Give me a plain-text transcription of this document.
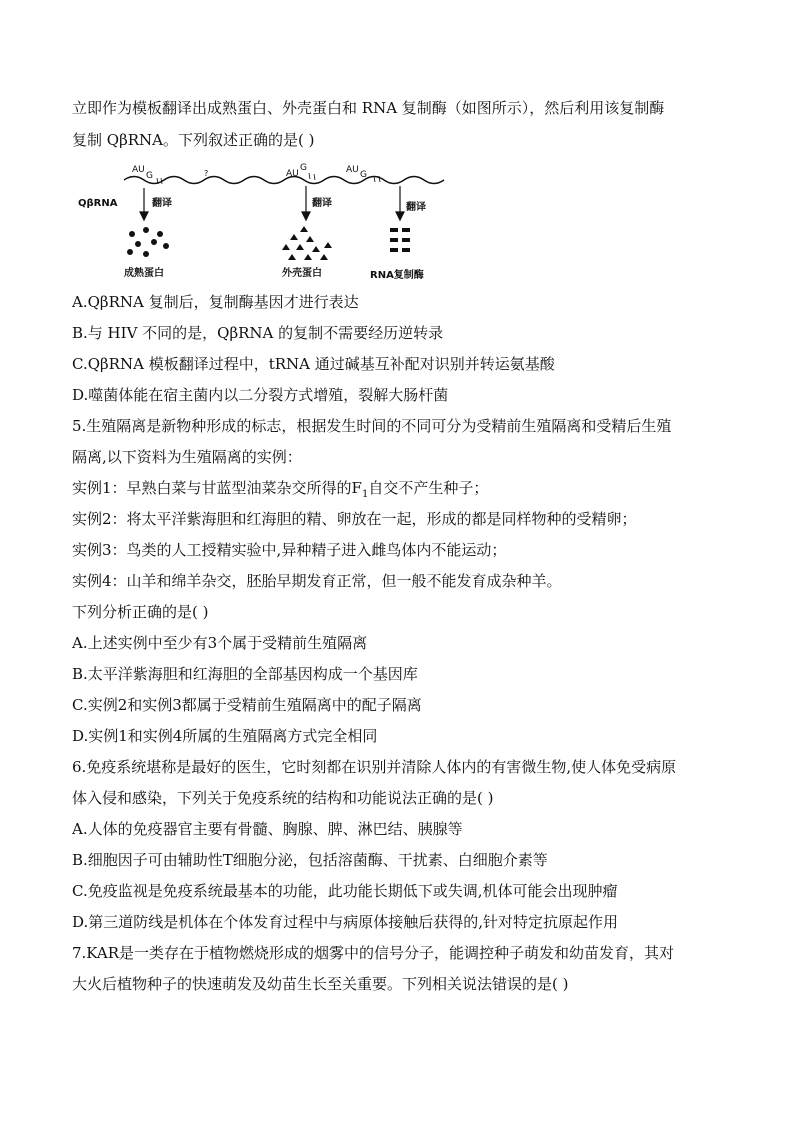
立即作为模板翻译出成熟蛋白、外壳蛋白和 RNA 复制酶（如图所示），然后利用该复制酶
复制 QβRNA。下列叙述正确的是( )
QβRNA
AU
G	?	AU
G	AU G
翻译	翻译	翻译
成熟蛋白	外壳蛋白	RNA复制酶
A.QβRNA 复制后，复制酶基因才进行表达
B.与 HIV 不同的是，QβRNA 的复制不需要经历逆转录
C.QβRNA 模板翻译过程中，tRNA 通过碱基互补配对识别并转运氨基酸
D.噬菌体能在宿主菌内以二分裂方式增殖，裂解大肠杆菌
5.生殖隔离是新物种形成的标志，根据发生时间的不同可分为受精前生殖隔离和受精后生殖
隔离,以下资料为生殖隔离的实例：
实例1：早熟白菜与甘蓝型油菜杂交所得的$F_1$自交不产生种子；
实例2：将太平洋紫海胆和红海胆的精、卵放在一起，形成的都是同样物种的受精卵；
实例3：鸟类的人工授精实验中,异种精子进入雌鸟体内不能运动；
实例4：山羊和绵羊杂交，胚胎早期发育正常，但一般不能发育成杂种羊。
下列分析正确的是( )
A.上述实例中至少有3个属于受精前生殖隔离
B.太平洋紫海胆和红海胆的全部基因构成一个基因库
C.实例2和实例3都属于受精前生殖隔离中的配子隔离
D.实例1和实例4所属的生殖隔离方式完全相同
6.免疫系统堪称是最好的医生，它时刻都在识别并清除人体内的有害微生物,使人体免受病原
体入侵和感染，下列关于免疫系统的结构和功能说法正确的是( )
A.人体的免疫器官主要有骨髓、胸腺、脾、淋巴结、胰腺等
B.细胞因子可由辅助性T细胞分泌，包括溶菌酶、干扰素、白细胞介素等
C.免疫监视是免疫系统最基本的功能，此功能长期低下或失调,机体可能会出现肿瘤
D.第三道防线是机体在个体发育过程中与病原体接触后获得的,针对特定抗原起作用
7.KAR是一类存在于植物燃烧形成的烟雾中的信号分子，能调控种子萌发和幼苗发育，其对
大火后植物种子的快速萌发及幼苗生长至关重要。下列相关说法错误的是( )
